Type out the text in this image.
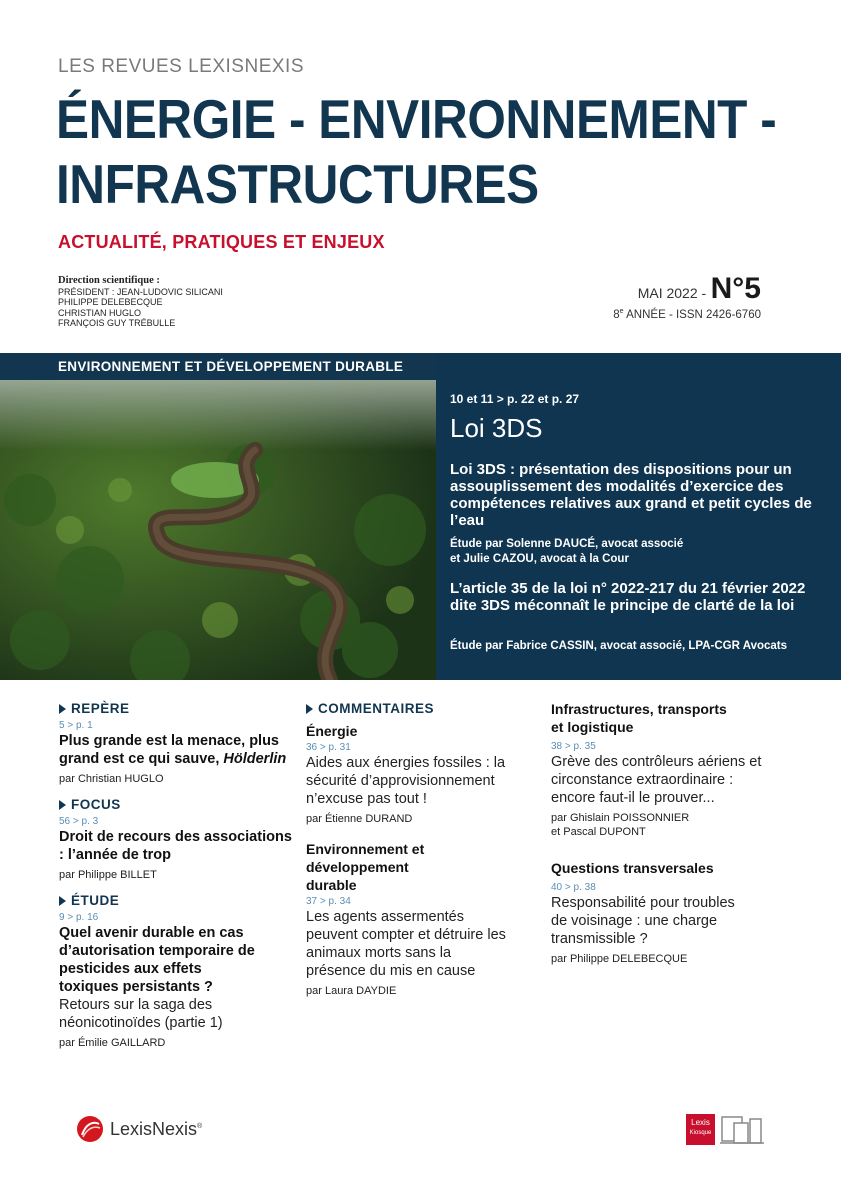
LES REVUES LEXISNEXIS
ÉNERGIE - ENVIRONNEMENT -
INFRASTRUCTURES
ACTUALITÉ, PRATIQUES ET ENJEUX
Direction scientifique :
PRÉSIDENT : JEAN-LUDOVIC SILICANI
PHILIPPE DELEBECQUE
CHRISTIAN HUGLO
FRANÇOIS GUY TRÉBULLE
MAI 2022 - N°5
8e ANNÉE - ISSN 2426-6760
ENVIRONNEMENT ET DÉVELOPPEMENT DURABLE
10 et 11 > p. 22 et p. 27
Loi 3DS
Loi 3DS : présentation des dispositions pour un assouplissement des modalités d’exercice des compétences relatives aux grand et petit cycles de l’eau
Étude par Solenne DAUCÉ, avocat associé
et Julie CAZOU, avocat à la Cour
L’article 35 de la loi n° 2022-217 du 21 février 2022 dite 3DS méconnaît le principe de clarté de la loi
Étude par Fabrice CASSIN, avocat associé, LPA-CGR Avocats
REPÈRE
5 > p. 1
Plus grande est la menace, plus grand est ce qui sauve, Hölderlin
par Christian HUGLO
FOCUS
56 > p. 3
Droit de recours des associations : l’année de trop
par Philippe BILLET
ÉTUDE
9 > p. 16
Quel avenir durable en cas d’autorisation temporaire de pesticides aux effets toxiques persistants ?
Retours sur la saga des néonicotinoïdes (partie 1)
par Émilie GAILLARD
COMMENTAIRES
Énergie
36 > p. 31
Aides aux énergies fossiles : la sécurité d’approvisionnement n’excuse pas tout !
par Étienne DURAND
Environnement et développement durable
37 > p. 34
Les agents assermentés peuvent compter et détruire les animaux morts sans la présence du mis en cause
par Laura DAYDIE
Infrastructures, transports et logistique
38 > p. 35
Grève des contrôleurs aériens et circonstance extraordinaire : encore faut-il le prouver...
par Ghislain POISSONNIER
et Pascal DUPONT
Questions transversales
40 > p. 38
Responsabilité pour troubles de voisinage : une charge transmissible ?
par Philippe DELEBECQUE
LexisNexis®	Lexis
Kiosque
